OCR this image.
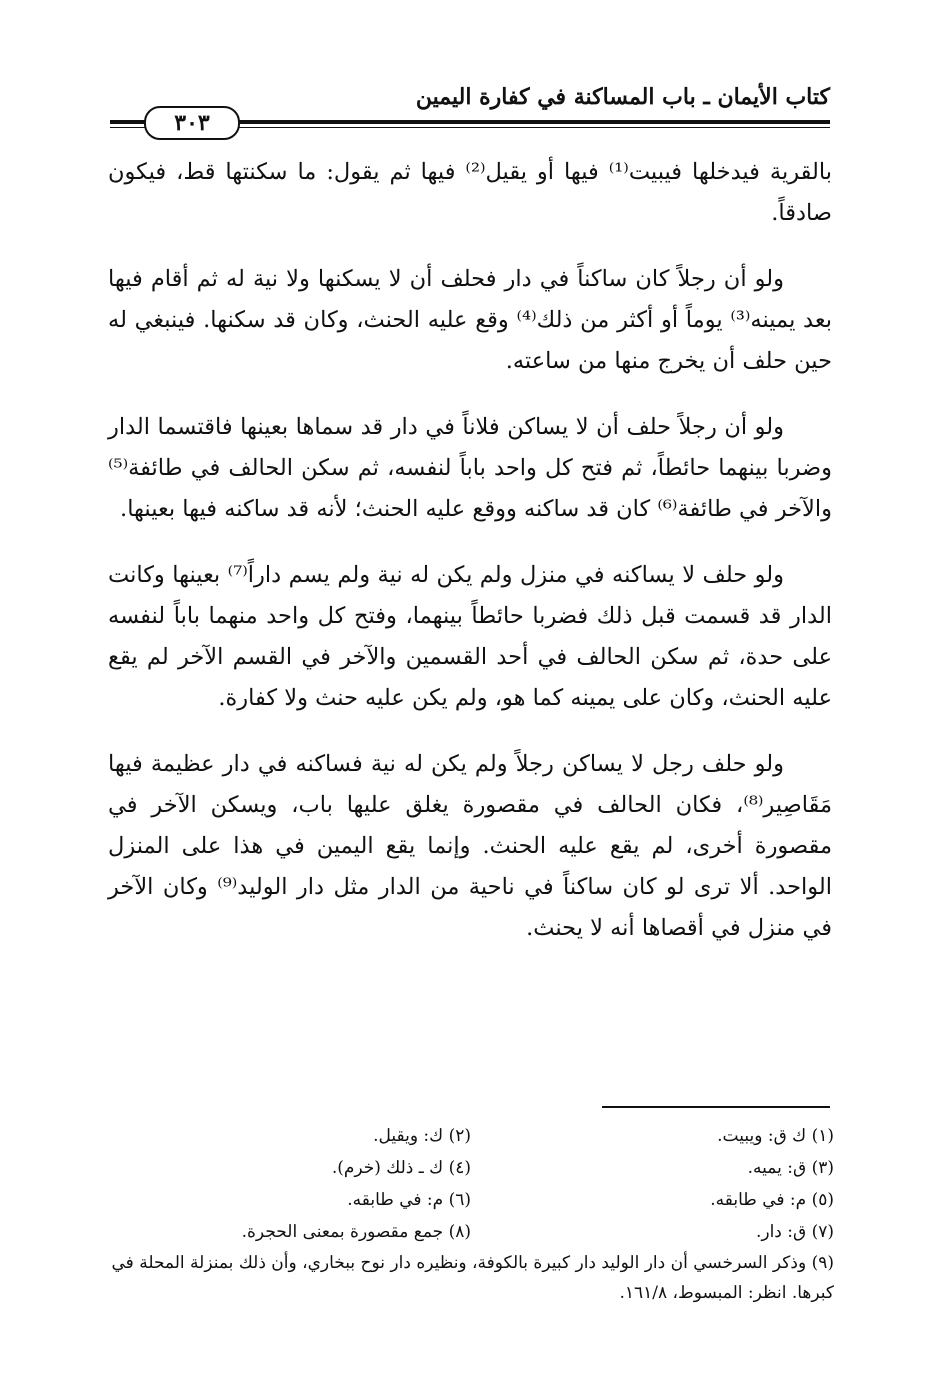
كتاب الأيمان ـ باب المساكنة في كفارة اليمين
٣٠٣

بالقرية فيدخلها فيبيت⁽¹⁾ فيها أو يقيل⁽²⁾ فيها ثم يقول: ما سكنتها قط، فيكون صادقاً.

ولو أن رجلاً كان ساكناً في دار فحلف أن لا يسكنها ولا نية له ثم أقام فيها بعد يمينه⁽³⁾ يوماً أو أكثر من ذلك⁽⁴⁾ وقع عليه الحنث، وكان قد سكنها. فينبغي له حين حلف أن يخرج منها من ساعته.

ولو أن رجلاً حلف أن لا يساكن فلاناً في دار قد سماها بعينها فاقتسما الدار وضربا بينهما حائطاً، ثم فتح كل واحد باباً لنفسه، ثم سكن الحالف في طائفة⁽⁵⁾ والآخر في طائفة⁽⁶⁾ كان قد ساكنه ووقع عليه الحنث؛ لأنه قد ساكنه فيها بعينها.

ولو حلف لا يساكنه في منزل ولم يكن له نية ولم يسم داراً⁽⁷⁾ بعينها وكانت الدار قد قسمت قبل ذلك فضربا حائطاً بينهما، وفتح كل واحد منهما باباً لنفسه على حدة، ثم سكن الحالف في أحد القسمين والآخر في القسم الآخر لم يقع عليه الحنث، وكان على يمينه كما هو، ولم يكن عليه حنث ولا كفارة.

ولو حلف رجل لا يساكن رجلاً ولم يكن له نية فساكنه في دار عظيمة فيها مَقَاصِير⁽⁸⁾، فكان الحالف في مقصورة يغلق عليها باب، ويسكن الآخر في مقصورة أخرى، لم يقع عليه الحنث. وإنما يقع اليمين في هذا على المنزل الواحد. ألا ترى لو كان ساكناً في ناحية من الدار مثل دار الوليد⁽⁹⁾ وكان الآخر في منزل في أقصاها أنه لا يحنث.

(١) ك ق: ويبيت.
(٢) ك: ويقيل.
(٣) ق: يميه.
(٤) ك ـ ذلك (خرم).
(٥) م: في طابقه.
(٦) م: في طابقه.
(٧) ق: دار.
(٨) جمع مقصورة بمعنى الحجرة.
(٩) وذكر السرخسي أن دار الوليد دار كبيرة بالكوفة، ونظيره دار نوح ببخاري، وأن ذلك بمنزلة المحلة في كبرها. انظر: المبسوط، ١٦١/٨.
